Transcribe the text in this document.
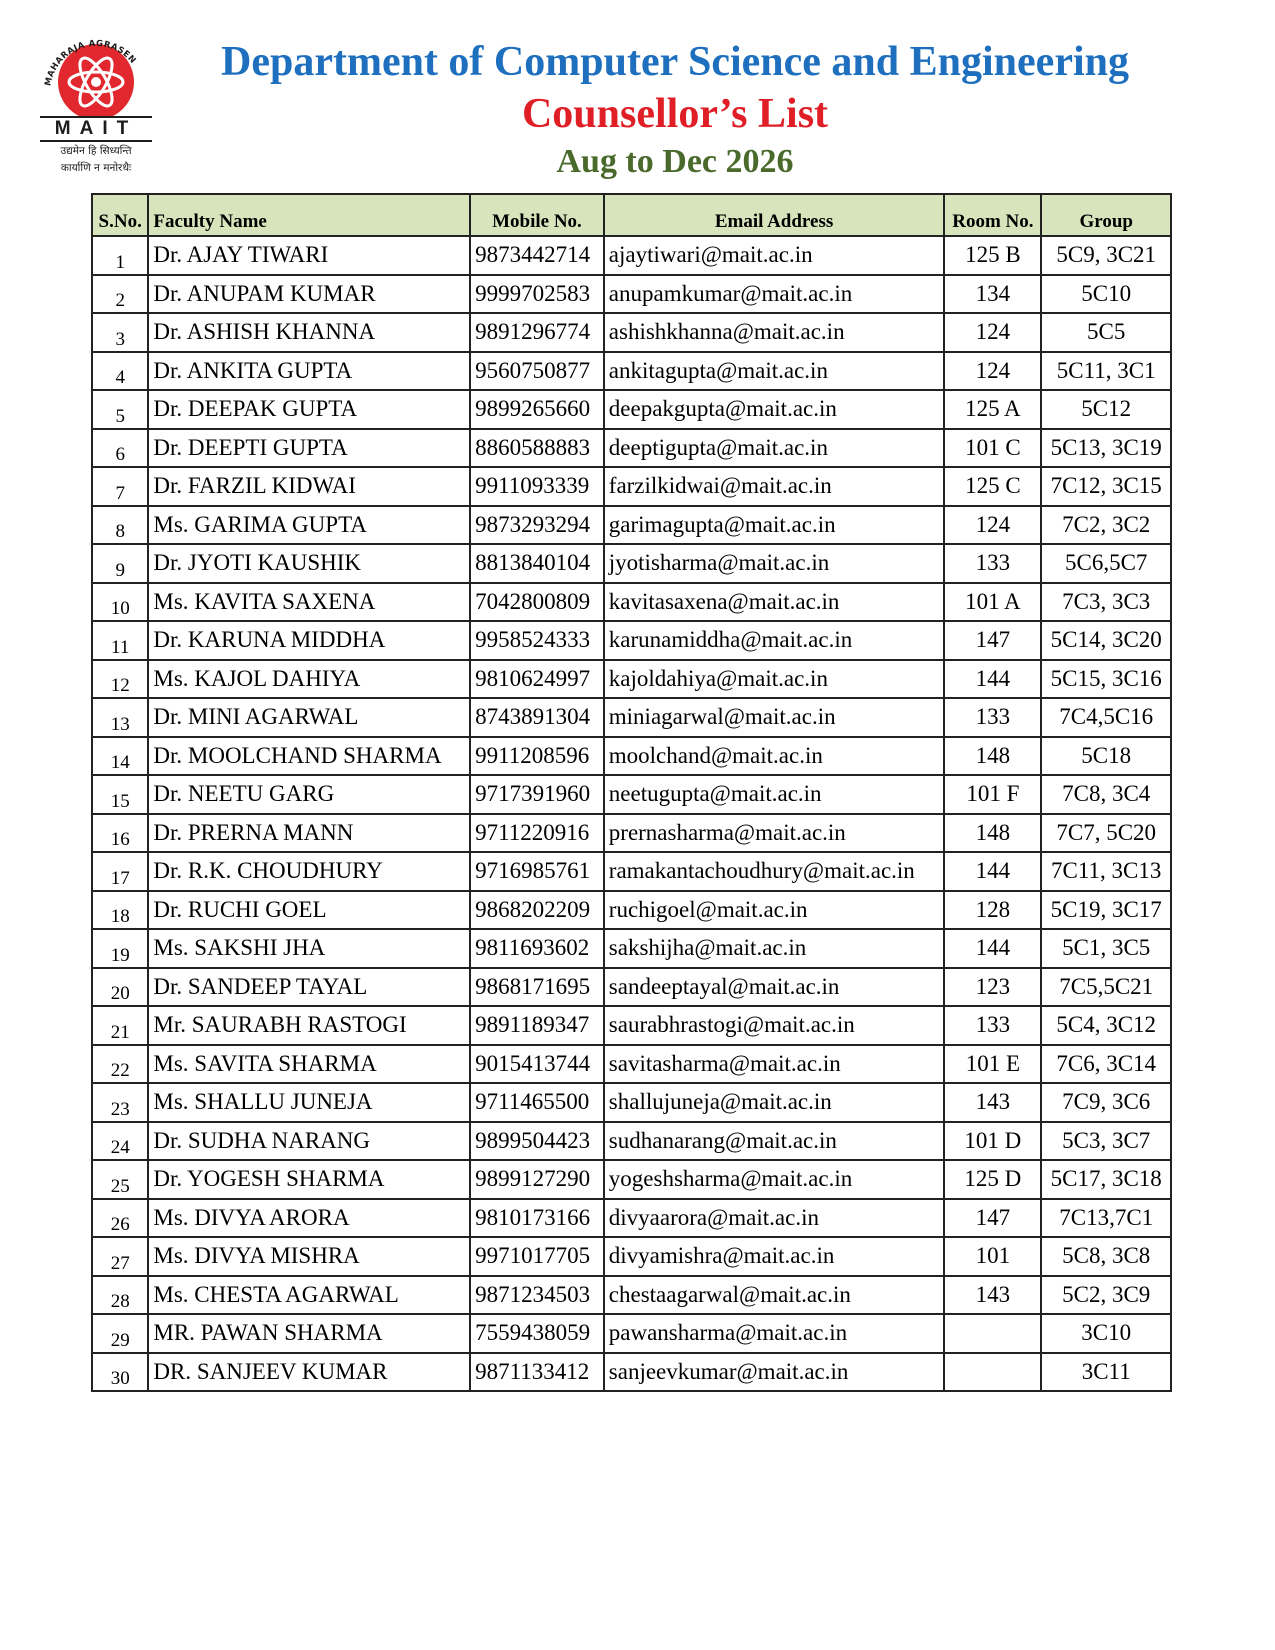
MAHARAJA AGRASEN
MAIT
उद्यमेन हि सिध्यन्ति
कार्याणि न मनोरथैः
Department of Computer Science and Engineering
Counsellor’s List
Aug to Dec 2026
S.No.	Faculty Name	Mobile No.	Email Address	Room No.	Group
1	Dr. AJAY TIWARI	9873442714	ajaytiwari@mait.ac.in	125 B	5C9, 3C21
2	Dr. ANUPAM KUMAR	9999702583	anupamkumar@mait.ac.in	134	5C10
3	Dr. ASHISH KHANNA	9891296774	ashishkhanna@mait.ac.in	124	5C5
4	Dr. ANKITA GUPTA	9560750877	ankitagupta@mait.ac.in	124	5C11, 3C1
5	Dr. DEEPAK GUPTA	9899265660	deepakgupta@mait.ac.in	125 A	5C12
6	Dr. DEEPTI GUPTA	8860588883	deeptigupta@mait.ac.in	101 C	5C13, 3C19
7	Dr. FARZIL KIDWAI	9911093339	farzilkidwai@mait.ac.in	125 C	7C12, 3C15
8	Ms. GARIMA GUPTA	9873293294	garimagupta@mait.ac.in	124	7C2, 3C2
9	Dr. JYOTI KAUSHIK	8813840104	jyotisharma@mait.ac.in	133	5C6,5C7
10	Ms. KAVITA SAXENA	7042800809	kavitasaxena@mait.ac.in	101 A	7C3, 3C3
11	Dr. KARUNA MIDDHA	9958524333	karunamiddha@mait.ac.in	147	5C14, 3C20
12	Ms. KAJOL DAHIYA	9810624997	kajoldahiya@mait.ac.in	144	5C15, 3C16
13	Dr. MINI AGARWAL	8743891304	miniagarwal@mait.ac.in	133	7C4,5C16
14	Dr. MOOLCHAND SHARMA	9911208596	moolchand@mait.ac.in	148	5C18
15	Dr. NEETU GARG	9717391960	neetugupta@mait.ac.in	101 F	7C8, 3C4
16	Dr. PRERNA MANN	9711220916	prernasharma@mait.ac.in	148	7C7, 5C20
17	Dr. R.K. CHOUDHURY	9716985761	ramakantachoudhury@mait.ac.in	144	7C11, 3C13
18	Dr. RUCHI GOEL	9868202209	ruchigoel@mait.ac.in	128	5C19, 3C17
19	Ms. SAKSHI JHA	9811693602	sakshijha@mait.ac.in	144	5C1, 3C5
20	Dr. SANDEEP TAYAL	9868171695	sandeeptayal@mait.ac.in	123	7C5,5C21
21	Mr. SAURABH RASTOGI	9891189347	saurabhrastogi@mait.ac.in	133	5C4, 3C12
22	Ms. SAVITA SHARMA	9015413744	savitasharma@mait.ac.in	101 E	7C6, 3C14
23	Ms. SHALLU JUNEJA	9711465500	shallujuneja@mait.ac.in	143	7C9, 3C6
24	Dr. SUDHA NARANG	9899504423	sudhanarang@mait.ac.in	101 D	5C3, 3C7
25	Dr. YOGESH SHARMA	9899127290	yogeshsharma@mait.ac.in	125 D	5C17, 3C18
26	Ms. DIVYA ARORA	9810173166	divyaarora@mait.ac.in	147	7C13,7C1
27	Ms. DIVYA MISHRA	9971017705	divyamishra@mait.ac.in	101	5C8, 3C8
28	Ms. CHESTA AGARWAL	9871234503	chestaagarwal@mait.ac.in	143	5C2, 3C9
29	MR. PAWAN SHARMA	7559438059	pawansharma@mait.ac.in		3C10
30	DR. SANJEEV KUMAR	9871133412	sanjeevkumar@mait.ac.in		3C11
